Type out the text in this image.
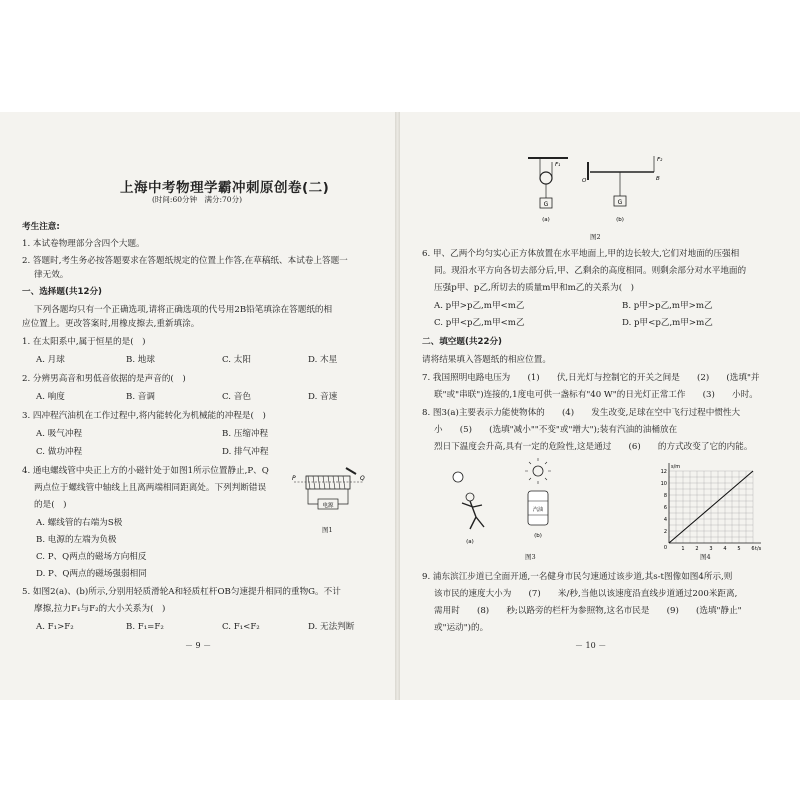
上海中考物理学霸冲刺原创卷(二)
(时间:60分钟　满分:70分)
考生注意:
1. 本试卷物理部分含四个大题。
2. 答题时,考生务必按答题要求在答题纸规定的位置上作答,在草稿纸、本试卷上答题一
律无效。
一、选择题(共12分)
下列各题均只有一个正确选项,请将正确选项的代号用2B铅笔填涂在答题纸的相
应位置上。更改答案时,用橡皮擦去,重新填涂。
1. 在太阳系中,属于恒星的是(　)
A. 月球	B. 地球	C. 太阳	D. 木星
2. 分辨男高音和男低音依据的是声音的(　)
A. 响度	B. 音调	C. 音色	D. 音速
3. 四冲程汽油机在工作过程中,将内能转化为机械能的冲程是(　)
A. 吸气冲程	B. 压缩冲程
C. 做功冲程	D. 排气冲程
4. 通电螺线管中央正上方的小磁针处于如图1所示位置静止,P、Q
两点位于螺线管中轴线上且离两端相同距离处。下列判断错误
的是(　)
A. 螺线管的右端为S极
B. 电源的左端为负极
C. P、Q两点的磁场方向相反
D. P、Q两点的磁场强弱相同
电源
P	Q
图1
5. 如图2(a)、(b)所示,分别用轻质滑轮A和轻质杠杆OB匀速提升相同的重物G。不计
摩擦,拉力F₁与F₂的大小关系为(　)
A. F₁>F₂	B. F₁=F₂	C. F₁<F₂	D. 无法判断
－ 9 －
G
F₁
(a)
G
O	B
F₂
(b)
图2
6. 甲、乙两个均匀实心正方体放置在水平地面上,甲的边长较大,它们对地面的压强相
同。现沿水平方向各切去部分后,甲、乙剩余的高度相同。则剩余部分对水平地面的
压强p甲、p乙,所切去的质量m甲和m乙的关系为(　)
A. p甲>p乙,m甲<m乙	B. p甲>p乙,m甲>m乙
C. p甲<p乙,m甲<m乙	D. p甲<p乙,m甲>m乙
二、填空题(共22分)
请将结果填入答题纸的相应位置。
7. 我国照明电路电压为　　(1)　　伏,日光灯与控制它的开关之间是　　(2)　　(选填"并
联"或"串联")连接的,1度电可供一盏标有"40 W"的日光灯正常工作　　(3)　　小时。
8. 图3(a)主要表示力能使物体的　　(4)　　发生改变,足球在空中飞行过程中惯性大
小　　(5)　　(选填"减小""不变"或"增大");装有汽油的油桶放在
烈日下温度会升高,具有一定的危险性,这是通过　　(6)　　的方式改变了它的内能。
(a)
汽油
(b)
图3
1 2 3 4 5 6
2
4
6
8
10
12
0	t/s
s/m
图4
9. 浦东滨江步道已全面开通,一名健身市民匀速通过该步道,其s-t图像如图4所示,则
该市民的速度大小为　　(7)　　米/秒,当他以该速度沿直线步道通过200米距离,
需用时　　(8)　　秒;以路旁的栏杆为参照物,这名市民是　　(9)　　(选填"静止"
或"运动")的。
－ 10 －
